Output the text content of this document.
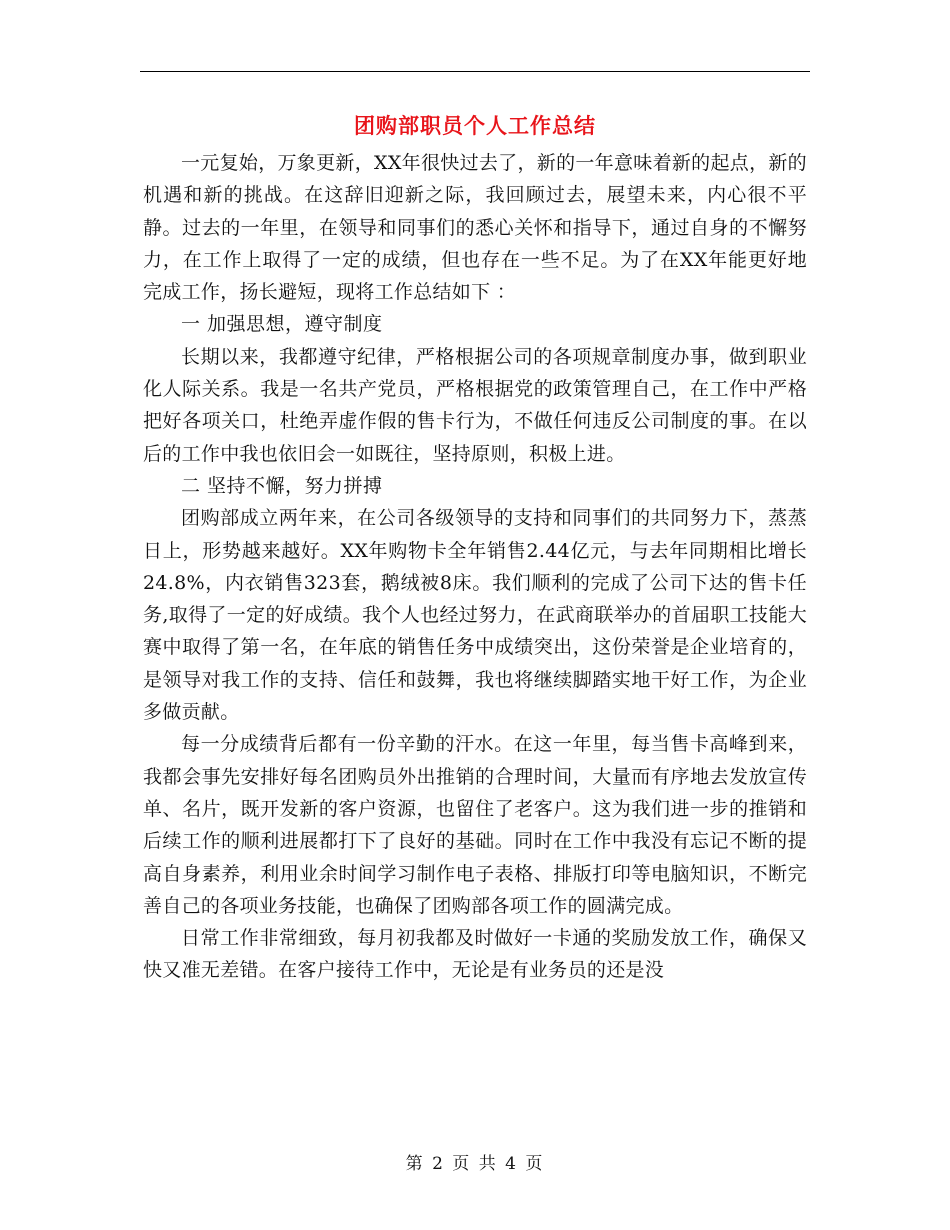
团购部职员个人工作总结

一元复始，万象更新，XX年很快过去了，新的一年意味着新的起点，新的机遇和新的挑战。在这辞旧迎新之际，我回顾过去，展望未来，内心很不平静。过去的一年里，在领导和同事们的悉心关怀和指导下，通过自身的不懈努力，在工作上取得了一定的成绩，但也存在一些不足。为了在XX年能更好地完成工作，扬长避短，现将工作总结如下 ：

一 加强思想，遵守制度

长期以来，我都遵守纪律，严格根据公司的各项规章制度办事，做到职业化人际关系。我是一名共产党员，严格根据党的政策管理自己，在工作中严格把好各项关口，杜绝弄虚作假的售卡行为，不做任何违反公司制度的事。在以后的工作中我也依旧会一如既往，坚持原则，积极上进。

二 坚持不懈，努力拼搏

团购部成立两年来，在公司各级领导的支持和同事们的共同努力下，蒸蒸日上，形势越来越好。XX年购物卡全年销售2.44亿元，与去年同期相比增长24.8%，内衣销售323套，鹅绒被8床。我们顺利的完成了公司下达的售卡任务,取得了一定的好成绩。我个人也经过努力，在武商联举办的首届职工技能大赛中取得了第一名，在年底的销售任务中成绩突出，这份荣誉是企业培育的，是领导对我工作的支持、信任和鼓舞，我也将继续脚踏实地干好工作，为企业多做贡献。

每一分成绩背后都有一份辛勤的汗水。在这一年里，每当售卡高峰到来，我都会事先安排好每名团购员外出推销的合理时间，大量而有序地去发放宣传单、名片，既开发新的客户资源，也留住了老客户。这为我们进一步的推销和后续工作的顺利进展都打下了良好的基础。同时在工作中我没有忘记不断的提高自身素养，利用业余时间学习制作电子表格、排版打印等电脑知识，不断完善自己的各项业务技能，也确保了团购部各项工作的圆满完成。

日常工作非常细致，每月初我都及时做好一卡通的奖励发放工作，确保又快又准无差错。在客户接待工作中，无论是有业务员的还是没

第 2 页 共 4 页
